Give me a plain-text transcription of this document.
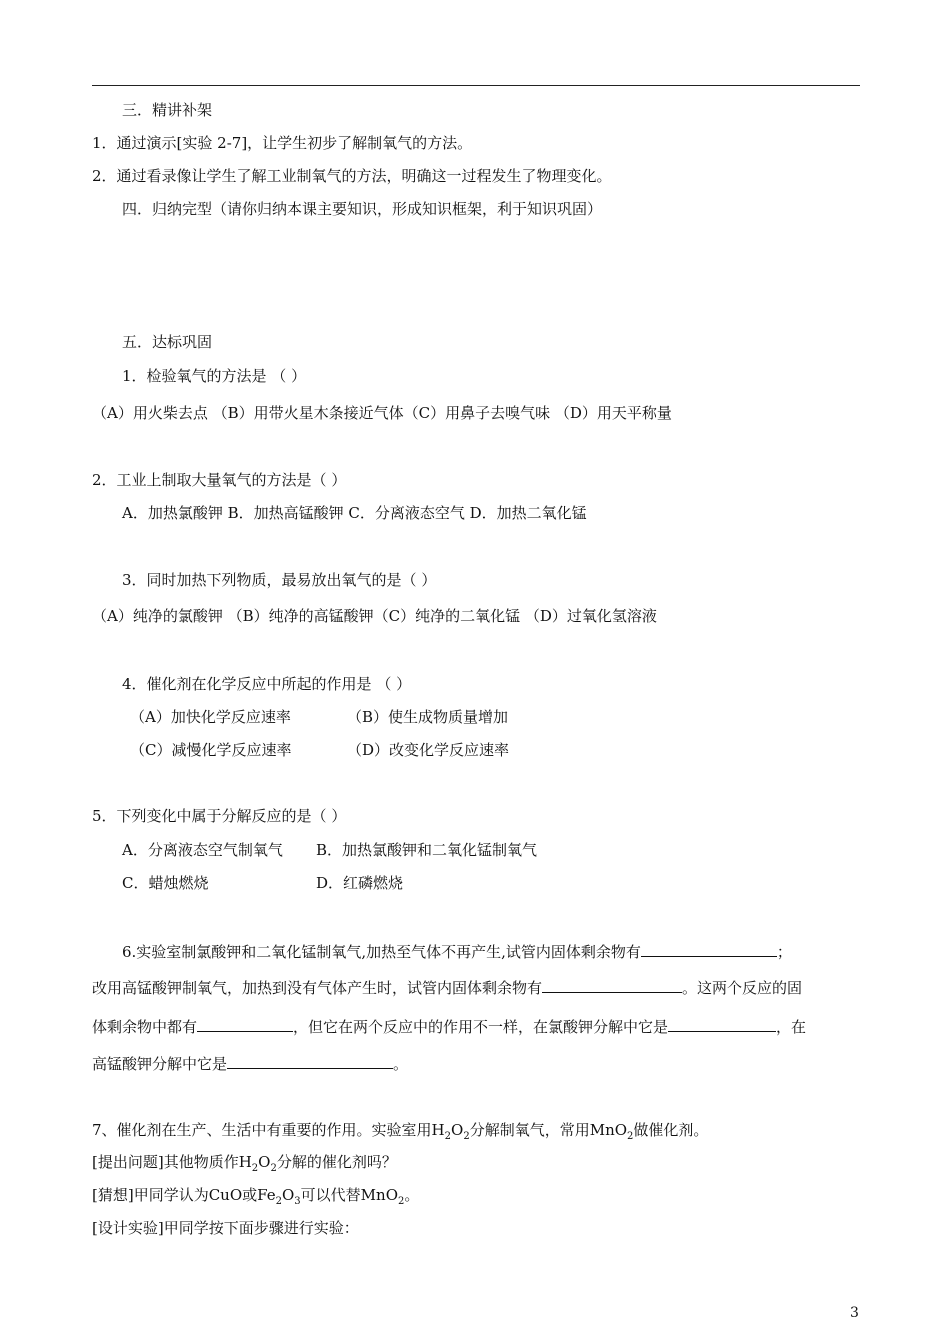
三．精讲补架
1．通过演示[实验 2-7]，让学生初步了解制氧气的方法。
2．通过看录像让学生了解工业制氧气的方法，明确这一过程发生了物理变化。
四．归纳完型（请你归纳本课主要知识，形成知识框架，利于知识巩固）
五．达标巩固
1．检验氧气的方法是 （ ）
（A）用火柴去点 （B）用带火星木条接近气体（C）用鼻子去嗅气味 （D）用天平称量
2．工业上制取大量氧气的方法是（ ）
A．加热氯酸钾 B．加热高锰酸钾 C．分离液态空气 D．加热二氧化锰
3．同时加热下列物质，最易放出氧气的是（ ）
（A）纯净的氯酸钾 （B）纯净的高锰酸钾（C）纯净的二氧化锰 （D）过氧化氢溶液
4．催化剂在化学反应中所起的作用是 （ ）
（A）加快化学反应速率	（B）使生成物质量增加
（C）减慢化学反应速率	（D）改变化学反应速率
5．下列变化中属于分解反应的是（ ）
A．分离液态空气制氧气 B．加热氯酸钾和二氧化锰制氧气
C．蜡烛燃烧	D．红磷燃烧
6.实验室制氯酸钾和二氧化锰制氧气,加热至气体不再产生,试管内固体剩余物有	；
改用高锰酸钾制氧气，加热到没有气体产生时，试管内固体剩余物有	。这两个反应的固
体剩余物中都有	，但它在两个反应中的作用不一样，在氯酸钾分解中它是	，在
高锰酸钾分解中它是	。
7、催化剂在生产、生活中有重要的作用。实验室用$H_2O_2$分解制氧气，常用MnO$_2$做催化剂。
[提出问题]其他物质作$H_2O_2$分解的催化剂吗？
[猜想]甲同学认为CuO或$Fe_2O_3$可以代替MnO$_2$。
[设计实验]甲同学按下面步骤进行实验：
3
